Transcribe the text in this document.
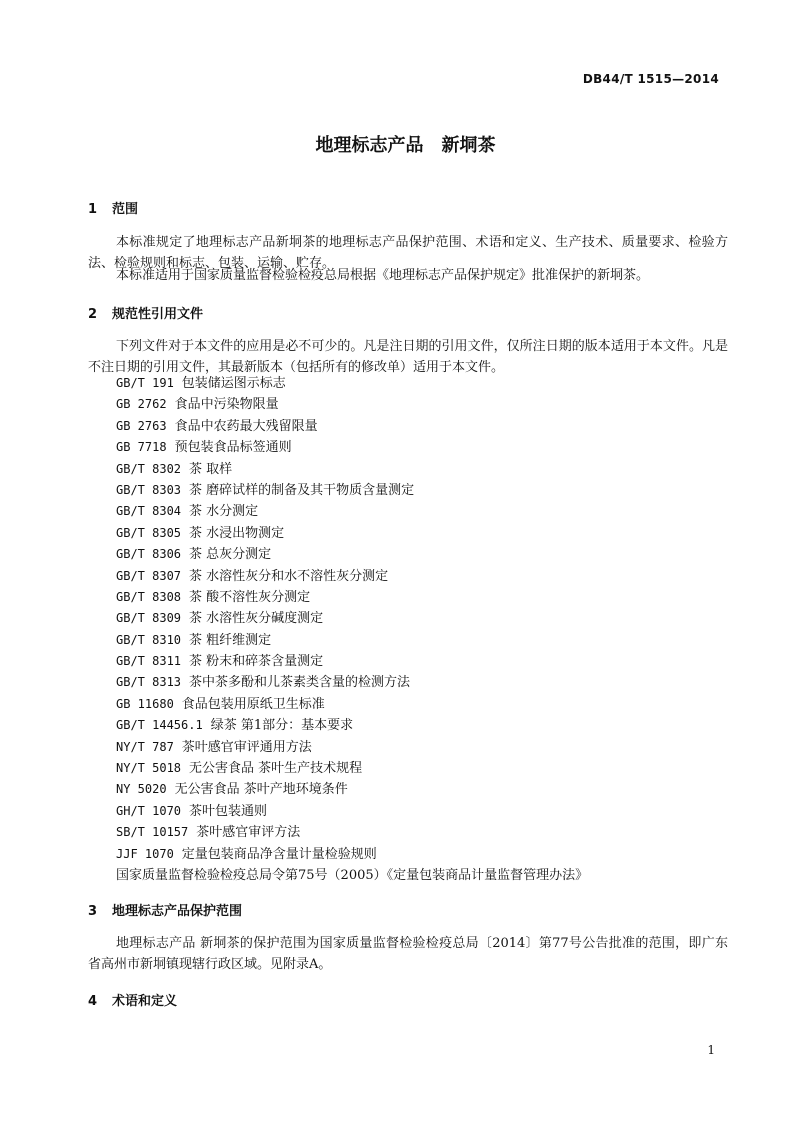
DB44/T 1515—2014
地理标志产品　新垌茶
1 范围
本标准规定了地理标志产品新垌茶的地理标志产品保护范围、术语和定义、生产技术、质量要求、检验方法、检验规则和标志、包装、运输、贮存。
本标准适用于国家质量监督检验检疫总局根据《地理标志产品保护规定》批准保护的新垌茶。
2 规范性引用文件
下列文件对于本文件的应用是必不可少的。凡是注日期的引用文件，仅所注日期的版本适用于本文件。凡是不注日期的引用文件，其最新版本（包括所有的修改单）适用于本文件。
GB/T 191 包装储运图示标志
GB 2762 食品中污染物限量
GB 2763 食品中农药最大残留限量
GB 7718 预包装食品标签通则
GB/T 8302 茶 取样
GB/T 8303 茶 磨碎试样的制备及其干物质含量测定
GB/T 8304 茶 水分测定
GB/T 8305 茶 水浸出物测定
GB/T 8306 茶 总灰分测定
GB/T 8307 茶 水溶性灰分和水不溶性灰分测定
GB/T 8308 茶 酸不溶性灰分测定
GB/T 8309 茶 水溶性灰分碱度测定
GB/T 8310 茶 粗纤维测定
GB/T 8311 茶 粉末和碎茶含量测定
GB/T 8313 茶中茶多酚和儿茶素类含量的检测方法
GB 11680 食品包装用原纸卫生标准
GB/T 14456.1 绿茶 第1部分：基本要求
NY/T 787 茶叶感官审评通用方法
NY/T 5018 无公害食品 茶叶生产技术规程
NY 5020 无公害食品 茶叶产地环境条件
GH/T 1070 茶叶包装通则
SB/T 10157 茶叶感官审评方法
JJF 1070 定量包装商品净含量计量检验规则
国家质量监督检验检疫总局令第75号（2005）《定量包装商品计量监督管理办法》
3 地理标志产品保护范围
地理标志产品 新垌茶的保护范围为国家质量监督检验检疫总局〔2014〕第77号公告批准的范围，即广东省高州市新垌镇现辖行政区域。见附录A。
4 术语和定义
1
